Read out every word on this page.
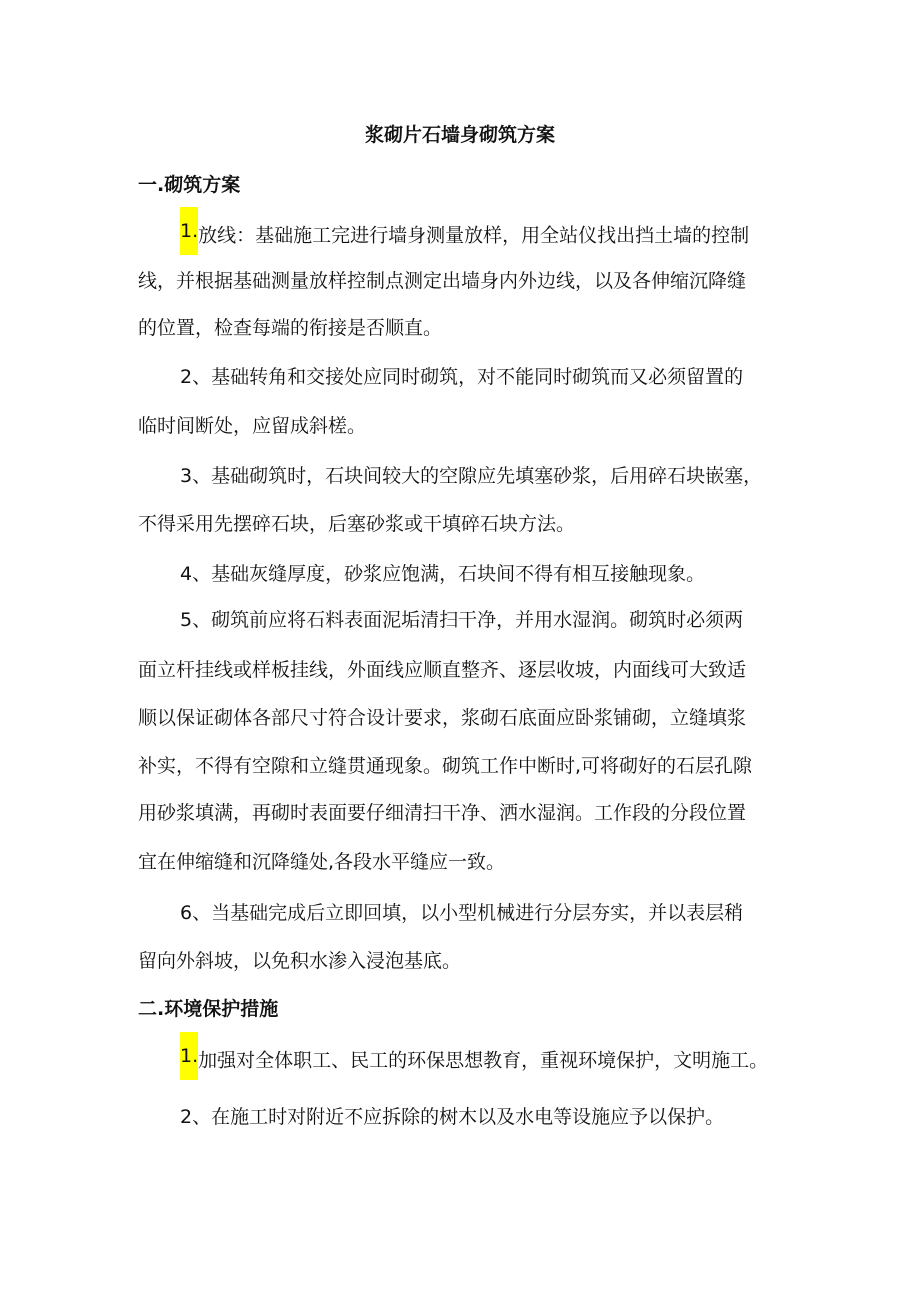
浆砌片石墙身砌筑方案
一.砌筑方案
1.放线：基础施工完进行墙身测量放样，用全站仪找出挡土墙的控制
线，并根据基础测量放样控制点测定出墙身内外边线，以及各伸缩沉降缝
的位置，检查每端的衔接是否顺直。
2、基础转角和交接处应同时砌筑，对不能同时砌筑而又必须留置的
临时间断处，应留成斜槎。
3、基础砌筑时，石块间较大的空隙应先填塞砂浆，后用碎石块嵌塞，
不得采用先摆碎石块，后塞砂浆或干填碎石块方法。
4、基础灰缝厚度，砂浆应饱满，石块间不得有相互接触现象。
5、砌筑前应将石料表面泥垢清扫干净，并用水湿润。砌筑时必须两
面立杆挂线或样板挂线，外面线应顺直整齐、逐层收坡，内面线可大致适
顺以保证砌体各部尺寸符合设计要求，浆砌石底面应卧浆铺砌，立缝填浆
补实，不得有空隙和立缝贯通现象。砌筑工作中断时,可将砌好的石层孔隙
用砂浆填满，再砌时表面要仔细清扫干净、洒水湿润。工作段的分段位置
宜在伸缩缝和沉降缝处,各段水平缝应一致。
6、当基础完成后立即回填，以小型机械进行分层夯实，并以表层稍
留向外斜坡，以免积水渗入浸泡基底。
二.环境保护措施
1.加强对全体职工、民工的环保思想教育，重视环境保护，文明施工。
2、在施工时对附近不应拆除的树木以及水电等设施应予以保护。
